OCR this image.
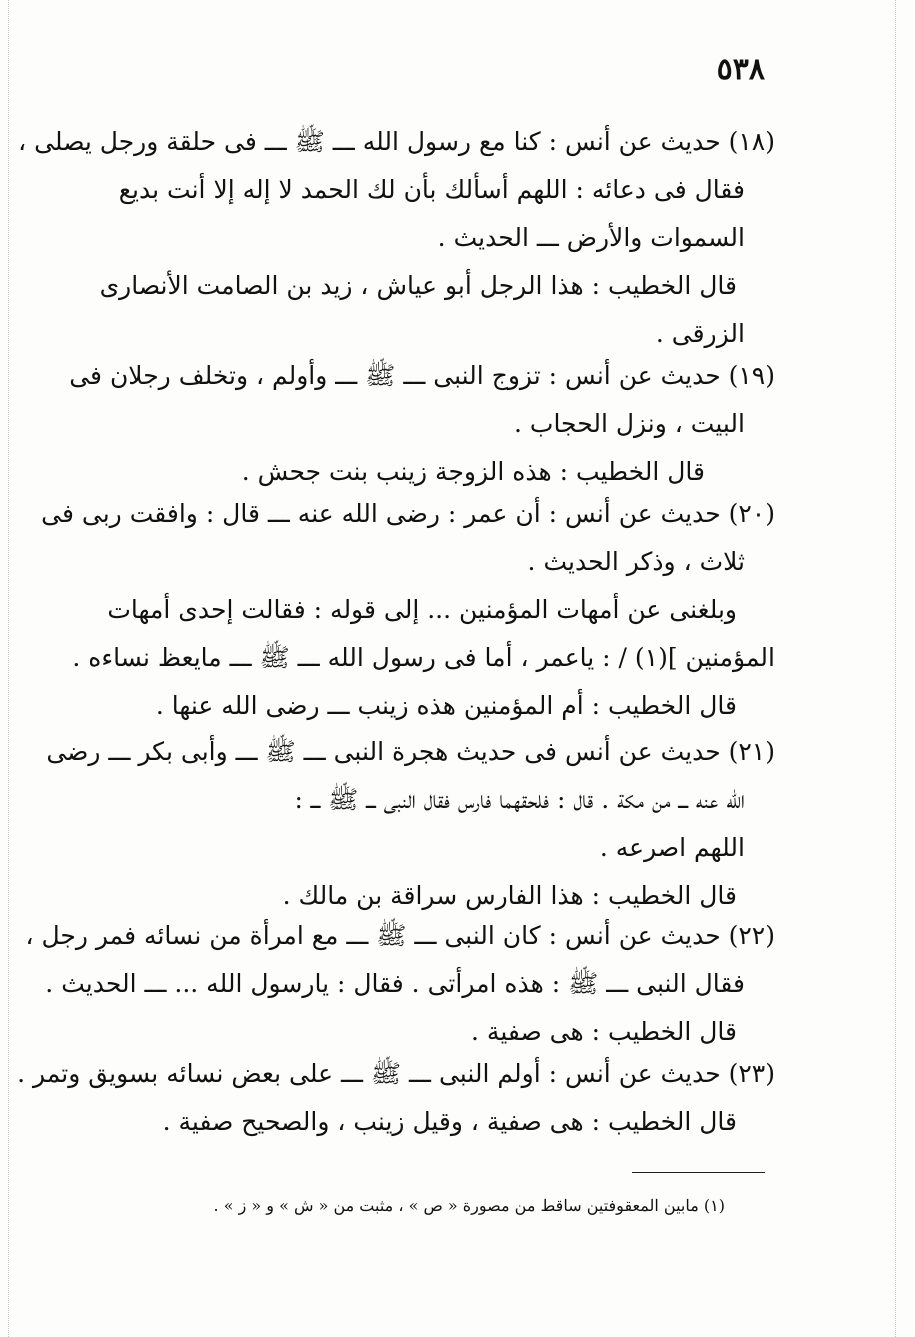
٥٣٨
(١٨) حديث عن أنس : كنا مع رسول الله ـــ ﷺ ـــ فى حلقة ورجل يصلى ،
فقال فى دعائه : اللهم أسألك بأن لك الحمد لا إله إلا أنت بديع
السموات والأرض ـــ الحديث .
قال الخطيب : هذا الرجل أبو عياش ، زيد بن الصامت الأنصارى
الزرقى .
(١٩) حديث عن أنس : تزوج النبى ـــ ﷺ ـــ وأولم ، وتخلف رجلان فى
البيت ، ونزل الحجاب .
قال الخطيب : هذه الزوجة زينب بنت جحش .
(٢٠) حديث عن أنس : أن عمر : رضى الله عنه ـــ قال : وافقت ربى فى
ثلاث ، وذكر الحديث .
وبلغنى عن أمهات المؤمنين ... إلى قوله : فقالت إحدى أمهات
المؤمنين ](١) / : ياعمر ، أما فى رسول الله ـــ ﷺ ـــ مايعظ نساءه .
قال الخطيب : أم المؤمنين هذه زينب ـــ رضى الله عنها .
(٢١) حديث عن أنس فى حديث هجرة النبى ـــ ﷺ ـــ وأبى بكر ـــ رضى
الله عنه ـــ من مكة . قال : فلحقهما فارس فقال النبى ـــ ﷺ ـــ :
اللهم اصرعه .
قال الخطيب : هذا الفارس سراقة بن مالك .
(٢٢) حديث عن أنس : كان النبى ـــ ﷺ ـــ مع امرأة من نسائه فمر رجل ،
فقال النبى ـــ ﷺ : هذه امرأتى . فقال : يارسول الله ... ـــ الحديث .
قال الخطيب : هى صفية .
(٢٣) حديث عن أنس : أولم النبى ـــ ﷺ ـــ على بعض نسائه بسويق وتمر .
قال الخطيب : هى صفية ، وقيل زينب ، والصحيح صفية .
(١) مابين المعقوفتين ساقط من مصورة « ص » ، مثبت من « ش » و « ز » .
